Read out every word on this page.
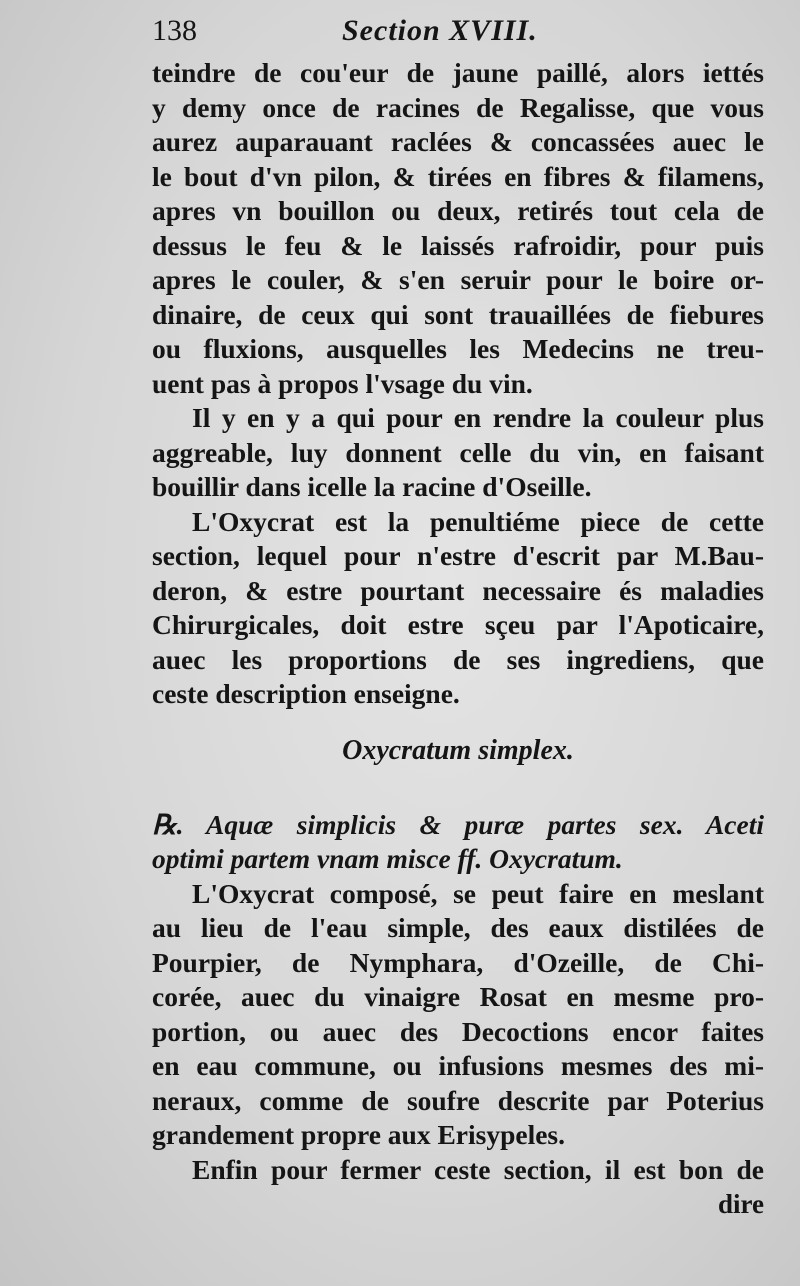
138	Section XVIII.
teindre de cou'eur de jaune paillé, alors iettés
y demy once de racines de Regalisse, que vous
aurez auparauant raclées & concassées auec le
le bout d'vn pilon, & tirées en fibres & filamens,
apres vn bouillon ou deux, retirés tout cela de
dessus le feu & le laissés rafroidir, pour puis
apres le couler, & s'en seruir pour le boire or-
dinaire, de ceux qui sont trauaillées de fiebures
ou fluxions, ausquelles les Medecins ne treu-
uent pas à propos l'vsage du vin.
Il y en y a qui pour en rendre la couleur plus
aggreable, luy donnent celle du vin, en faisant
bouillir dans icelle la racine d'Oseille.
L'Oxycrat est la penultiéme piece de cette
section, lequel pour n'estre d'escrit par M.Bau-
deron, & estre pourtant necessaire és maladies
Chirurgicales, doit estre sçeu par l'Apoticaire,
auec les proportions de ses ingrediens, que
ceste description enseigne.
Oxycratum simplex.
℞. Aquæ simplicis & puræ partes sex. Aceti
optimi partem vnam misce ff. Oxycratum.
L'Oxycrat composé, se peut faire en meslant
au lieu de l'eau simple, des eaux distilées de
Pourpier, de Nymphara, d'Ozeille, de Chi-
corée, auec du vinaigre Rosat en mesme pro-
portion, ou auec des Decoctions encor faites
en eau commune, ou infusions mesmes des mi-
neraux, comme de soufre descrite par Poterius
grandement propre aux Erisypeles.
Enfin pour fermer ceste section, il est bon de
dire
